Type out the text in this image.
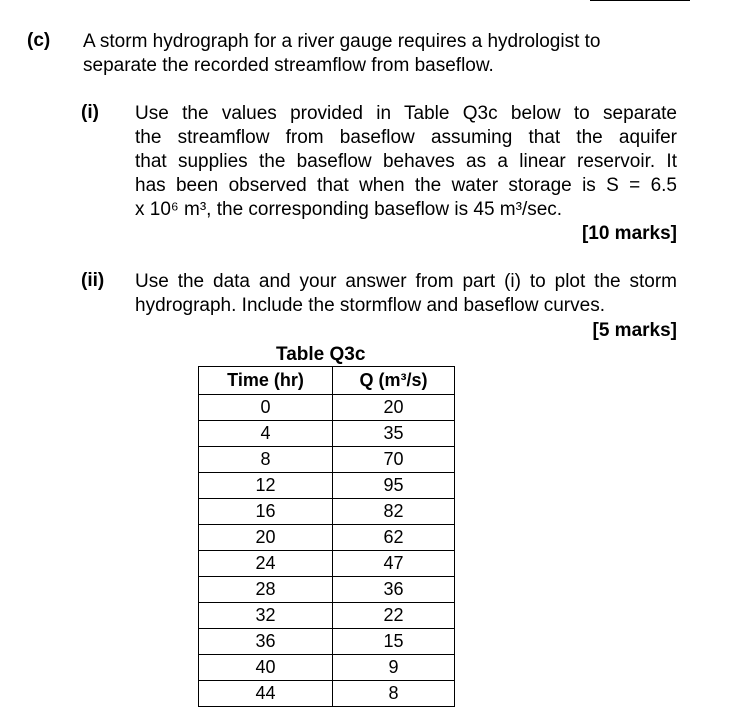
(c) A storm hydrograph for a river gauge requires a hydrologist to
separate the recorded streamflow from baseflow.
(i) Use the values provided in Table Q3c below to separate
the streamflow from baseflow assuming that the aquifer
that supplies the baseflow behaves as a linear reservoir. It
has been observed that when the water storage is S = 6.5
x 10⁶ m³, the corresponding baseflow is 45 m³/sec.
[10 marks]
(ii) Use the data and your answer from part (i) to plot the storm
hydrograph. Include the stormflow and baseflow curves.
[5 marks]
Table Q3c
Time (hr)	Q (m³/s)
0	20
4	35
8	70
12	95
16	82
20	62
24	47
28	36
32	22
36	15
40	9
44	8
